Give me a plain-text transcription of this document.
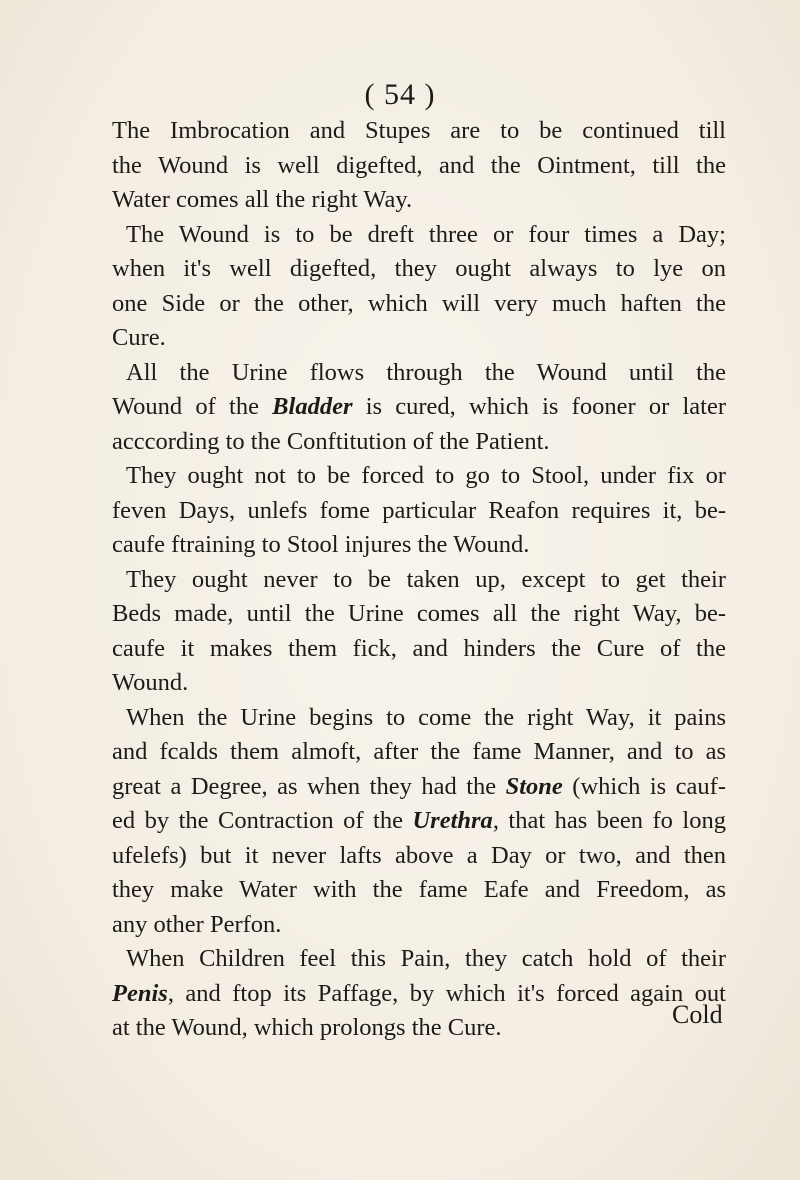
( 54 )
The Imbrocation and Stupes are to be continued till
the Wound is well digefted, and the Ointment, till the
Water comes all the right Way.
The Wound is to be dreft three or four times a Day;
when it's well digefted, they ought always to lye on
one Side or the other, which will very much haften the
Cure.
All the Urine flows through the Wound until the
Wound of the Bladder is cured, which is fooner or later
acccording to the Conftitution of the Patient.
They ought not to be forced to go to Stool, under fix or
feven Days, unlefs fome particular Reafon requires it, be-
caufe ftraining to Stool injures the Wound.
They ought never to be taken up, except to get their
Beds made, until the Urine comes all the right Way, be-
caufe it makes them fick, and hinders the Cure of the
Wound.
When the Urine begins to come the right Way, it pains
and fcalds them almoft, after the fame Manner, and to as
great a Degree, as when they had the Stone (which is cauf-
ed by the Contraction of the Urethra, that has been fo long
ufelefs) but it never lafts above a Day or two, and then
they make Water with the fame Eafe and Freedom, as
any other Perfon.
When Children feel this Pain, they catch hold of their
Penis, and ftop its Paffage, by which it's forced again out
at the Wound, which prolongs the Cure.	Cold
